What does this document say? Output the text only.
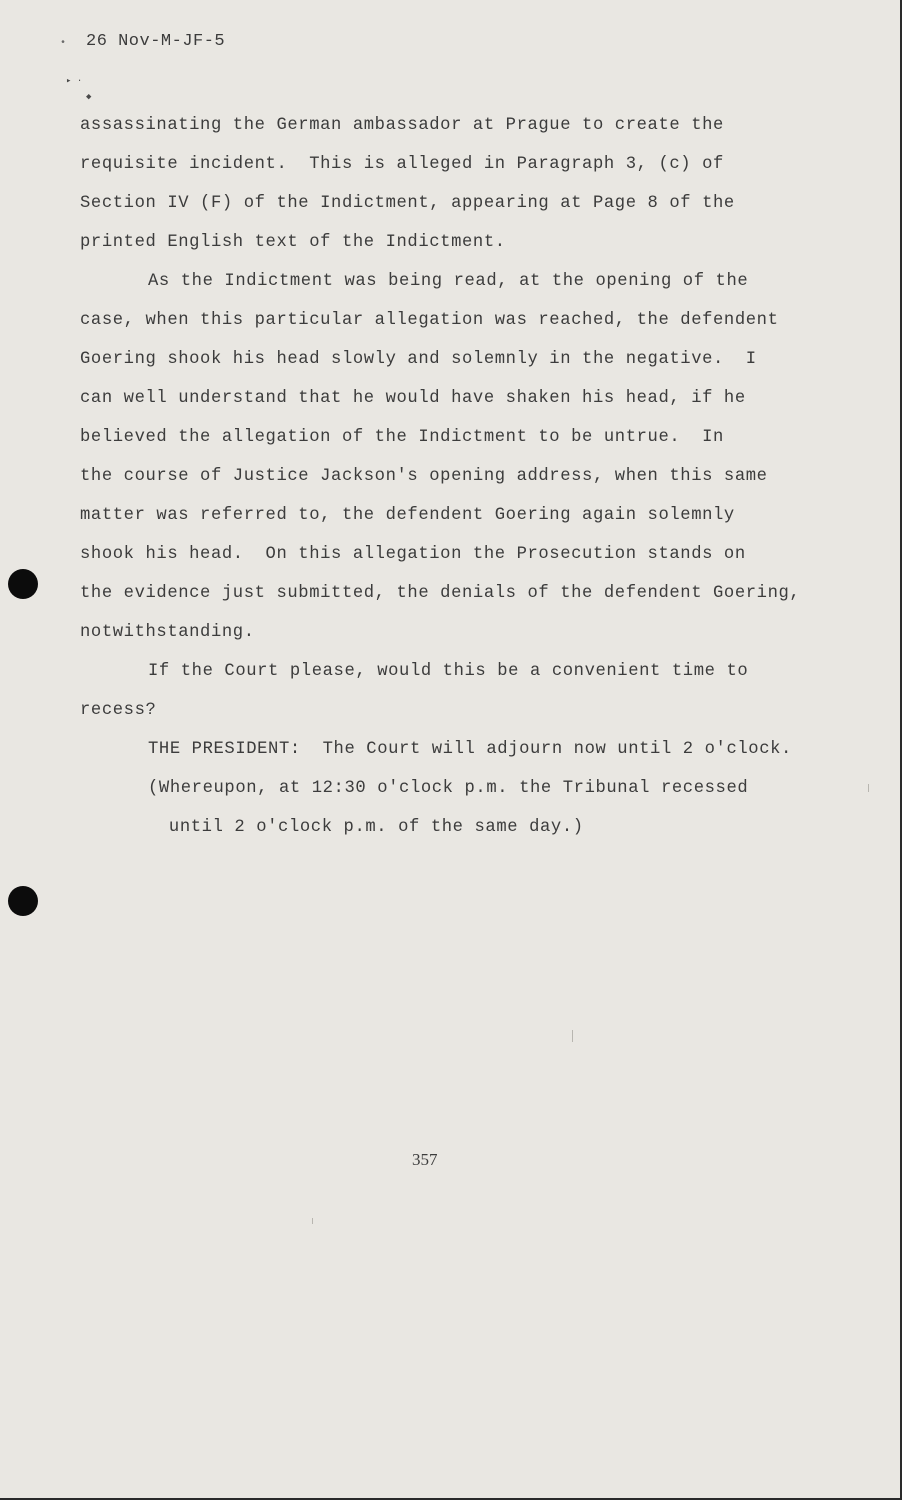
• 26 Nov-M-JF-5
▸ ·
◆

assassinating the German ambassador at Prague to create the
requisite incident.  This is alleged in Paragraph 3, (c) of
Section IV (F) of the Indictment, appearing at Page 8 of the
printed English text of the Indictment.

As the Indictment was being read, at the opening of the
case, when this particular allegation was reached, the defendent
Goering shook his head slowly and solemnly in the negative.  I
can well understand that he would have shaken his head, if he
believed the allegation of the Indictment to be untrue.  In
the course of Justice Jackson's opening address, when this same
matter was referred to, the defendent Goering again solemnly
shook his head.  On this allegation the Prosecution stands on
the evidence just submitted, the denials of the defendent Goering,
notwithstanding.

If the Court please, would this be a convenient time to
recess?

THE PRESIDENT:  The Court will adjourn now until 2 o'clock.
(Whereupon, at 12:30 o'clock p.m. the Tribunal recessed
until 2 o'clock p.m. of the same day.)

357
